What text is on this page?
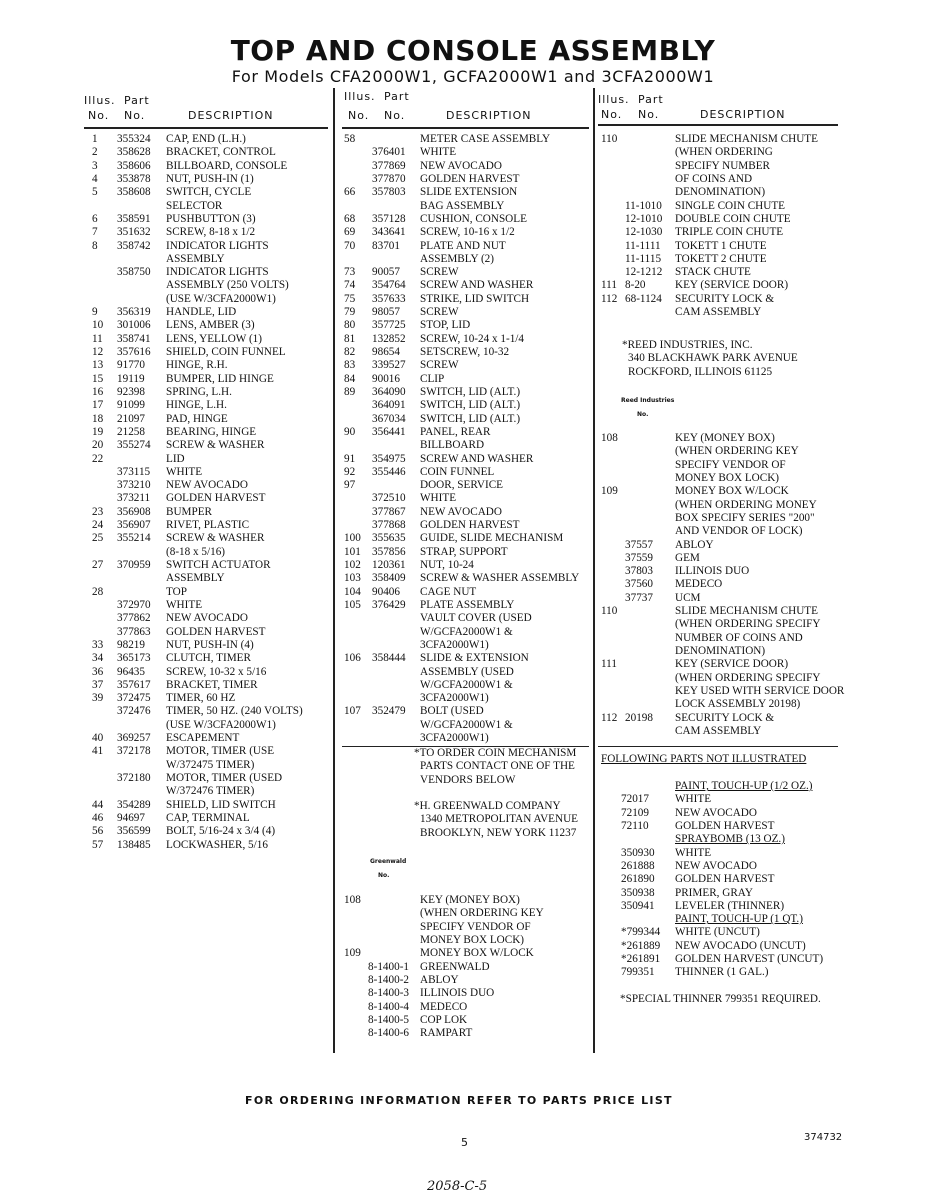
TOP AND CONSOLE ASSEMBLY
For Models CFA2000W1, GCFA2000W1 and 3CFA2000W1
Illus. Part
No. No.	DESCRIPTION
Illus. Part
No. No.	DESCRIPTION
Illus. Part
No. No.	DESCRIPTION
1 355324 CAP, END (L.H.)
2 358628 BRACKET, CONTROL
3 358606 BILLBOARD, CONSOLE
4 353878 NUT, PUSH-IN (1)
5 358608 SWITCH, CYCLE
SELECTOR
6 358591 PUSHBUTTON (3)
7 351632 SCREW, 8-18 x 1/2
8 358742 INDICATOR LIGHTS
ASSEMBLY
358750 INDICATOR LIGHTS
ASSEMBLY (250 VOLTS)
(USE W/3CFA2000W1)
9 356319 HANDLE, LID
10 301006 LENS, AMBER (3)
11 358741 LENS, YELLOW (1)
12 357616 SHIELD, COIN FUNNEL
13 91770 HINGE, R.H.
15 19119 BUMPER, LID HINGE
16 92398 SPRING, L.H.
17 91099 HINGE, L.H.
18 21097 PAD, HINGE
19 21258 BEARING, HINGE
20 355274 SCREW & WASHER
22	LID
373115 WHITE
373210 NEW AVOCADO
373211 GOLDEN HARVEST
23 356908 BUMPER
24 356907 RIVET, PLASTIC
25 355214 SCREW & WASHER
(8-18 x 5/16)
27 370959 SWITCH ACTUATOR
ASSEMBLY
28	TOP
372970 WHITE
377862 NEW AVOCADO
377863 GOLDEN HARVEST
33 98219 NUT, PUSH-IN (4)
34 365173 CLUTCH, TIMER
36 96435 SCREW, 10-32 x 5/16
37 357617 BRACKET, TIMER
39 372475 TIMER, 60 HZ
372476 TIMER, 50 HZ. (240 VOLTS)
(USE W/3CFA2000W1)
40 369257 ESCAPEMENT
41 372178 MOTOR, TIMER (USE
W/372475 TIMER)
372180 MOTOR, TIMER (USED
W/372476 TIMER)
44 354289 SHIELD, LID SWITCH
46 94697 CAP, TERMINAL
56 356599 BOLT, 5/16-24 x 3/4 (4)
57 138485 LOCKWASHER, 5/16
58	METER CASE ASSEMBLY
376401 WHITE
377869 NEW AVOCADO
377870 GOLDEN HARVEST
66 357803 SLIDE EXTENSION
BAG ASSEMBLY
68 357128 CUSHION, CONSOLE
69 343641 SCREW, 10-16 x 1/2
70 83701 PLATE AND NUT
ASSEMBLY (2)
73 90057 SCREW
74 354764 SCREW AND WASHER
75 357633 STRIKE, LID SWITCH
79 98057 SCREW
80 357725 STOP, LID
81 132852 SCREW, 10-24 x 1-1/4
82 98654 SETSCREW, 10-32
83 339527 SCREW
84 90016 CLIP
89 364090 SWITCH, LID (ALT.)
364091 SWITCH, LID (ALT.)
367034 SWITCH, LID (ALT.)
90 356441 PANEL, REAR
BILLBOARD
91 354975 SCREW AND WASHER
92 355446 COIN FUNNEL
97	DOOR, SERVICE
372510 WHITE
377867 NEW AVOCADO
377868 GOLDEN HARVEST
100 355635 GUIDE, SLIDE MECHANISM
101 357856 STRAP, SUPPORT
102 120361 NUT, 10-24
103 358409 SCREW & WASHER ASSEMBLY
104 90406 CAGE NUT
105 376429 PLATE ASSEMBLY
VAULT COVER (USED
W/GCFA2000W1 &
3CFA2000W1)
106 358444 SLIDE & EXTENSION
ASSEMBLY (USED
W/GCFA2000W1 &
3CFA2000W1)
107 352479 BOLT (USED
W/GCFA2000W1 &
3CFA2000W1)
*TO ORDER COIN MECHANISM
PARTS CONTACT ONE OF THE
VENDORS BELOW
*H. GREENWALD COMPANY
1340 METROPOLITAN AVENUE
BROOKLYN, NEW YORK 11237
Greenwald
No.
108	KEY (MONEY BOX)
(WHEN ORDERING KEY
SPECIFY VENDOR OF
MONEY BOX LOCK)
109	MONEY BOX W/LOCK
8-1400-1 GREENWALD
8-1400-2 ABLOY
8-1400-3 ILLINOIS DUO
8-1400-4 MEDECO
8-1400-5 COP LOK
8-1400-6 RAMPART
110	SLIDE MECHANISM CHUTE
(WHEN ORDERING
SPECIFY NUMBER
OF COINS AND
DENOMINATION)
11-1010 SINGLE COIN CHUTE
12-1010 DOUBLE COIN CHUTE
12-1030 TRIPLE COIN CHUTE
11-1111 TOKETT 1 CHUTE
11-1115 TOKETT 2 CHUTE
12-1212 STACK CHUTE
111 8-20	KEY (SERVICE DOOR)
112 68-1124 SECURITY LOCK &
CAM ASSEMBLY
*REED INDUSTRIES, INC.
340 BLACKHAWK PARK AVENUE
ROCKFORD, ILLINOIS 61125
Reed Industries
No.
108	KEY (MONEY BOX)
(WHEN ORDERING KEY
SPECIFY VENDOR OF
MONEY BOX LOCK)
109	MONEY BOX W/LOCK
(WHEN ORDERING MONEY
BOX SPECIFY SERIES "200"
AND VENDOR OF LOCK)
37557 ABLOY
37559 GEM
37803 ILLINOIS DUO
37560 MEDECO
37737 UCM
110	SLIDE MECHANISM CHUTE
(WHEN ORDERING SPECIFY
NUMBER OF COINS AND
DENOMINATION)
111	KEY (SERVICE DOOR)
(WHEN ORDERING SPECIFY
KEY USED WITH SERVICE DOOR
LOCK ASSEMBLY 20198)
112 20198 SECURITY LOCK &
CAM ASSEMBLY
FOLLOWING PARTS NOT ILLUSTRATED
PAINT, TOUCH-UP (1/2 OZ.)
72017 WHITE
72109 NEW AVOCADO
72110 GOLDEN HARVEST
SPRAYBOMB (13 OZ.)
350930 WHITE
261888 NEW AVOCADO
261890 GOLDEN HARVEST
350938 PRIMER, GRAY
350941 LEVELER (THINNER)
PAINT, TOUCH-UP (1 QT.)
*799344 WHITE (UNCUT)
*261889 NEW AVOCADO (UNCUT)
*261891 GOLDEN HARVEST (UNCUT)
799351 THINNER (1 GAL.)
*SPECIAL THINNER 799351 REQUIRED.
FOR ORDERING INFORMATION REFER TO PARTS PRICE LIST
5	374732
2058-C-5
